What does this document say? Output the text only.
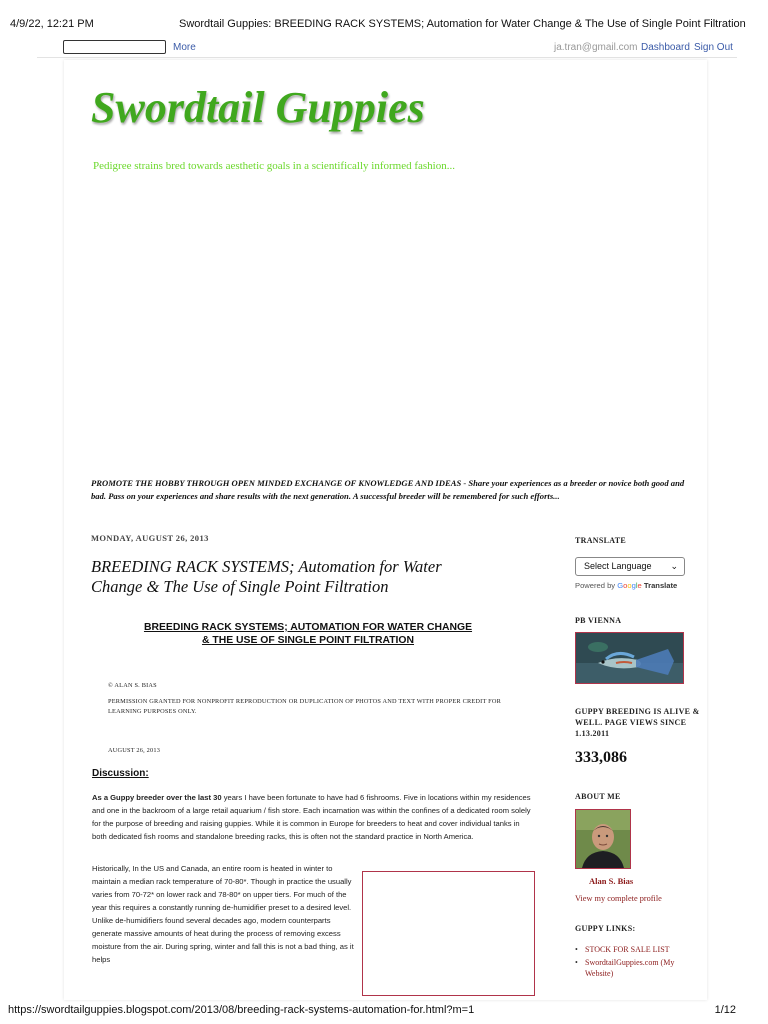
4/9/22, 12:21 PM	Swordtail Guppies: BREEDING RACK SYSTEMS; Automation for Water Change & The Use of Single Point Filtration
More	ja.tran@gmail.com Dashboard Sign Out
Swordtail Guppies
Pedigree strains bred towards aesthetic goals in a scientifically informed fashion...
PROMOTE THE HOBBY THROUGH OPEN MINDED EXCHANGE OF KNOWLEDGE AND IDEAS - Share your experiences as a breeder or novice both good and bad. Pass on your experiences and share results with the next generation. A successful breeder will be remembered for such efforts...
MONDAY, AUGUST 26, 2013
BREEDING RACK SYSTEMS; Automation for Water Change & The Use of Single Point Filtration
BREEDING RACK SYSTEMS; AUTOMATION FOR WATER CHANGE
& THE USE OF SINGLE POINT FILTRATION
© ALAN S. BIAS
PERMISSION GRANTED FOR NONPROFIT REPRODUCTION OR DUPLICATION OF PHOTOS AND TEXT WITH PROPER CREDIT FOR LEARNING PURPOSES ONLY.
AUGUST 26, 2013
Discussion:
As a Guppy breeder over the last 30 years I have been fortunate to have had 6 fishrooms. Five in locations within my residences and one in the backroom of a large retail aquarium / fish store. Each incarnation was within the confines of a dedicated room solely for the purpose of breeding and raising guppies. While it is common in Europe for breeders to heat and cover individual tanks in both dedicated fish rooms and standalone breeding racks, this is often not the standard practice in North America.
Historically, In the US and Canada, an entire room is heated in winter to maintain a median rack temperature of 70-80*. Though in practice the usually varies from 70-72* on lower rack and 78-80* on upper tiers. For much of the year this requires a constantly running de-humidifier preset to a desired level. Unlike de-humidifiers found several decades ago, modern counterparts generate massive amounts of heat during the process of removing excess moisture from the air. During spring, winter and fall this is not a bad thing, as it helps
TRANSLATE
Select Language ⌄
Powered by Google Translate
PB VIENNA
GUPPY BREEDING IS ALIVE & WELL. PAGE VIEWS SINCE 1.13.2011
333,086
ABOUT ME
Alan S. Bias
View my complete profile
GUPPY LINKS:
• STOCK FOR SALE LIST
• SwordtailGuppies.com (My Website)
https://swordtailguppies.blogspot.com/2013/08/breeding-rack-systems-automation-for.html?m=1	1/12
